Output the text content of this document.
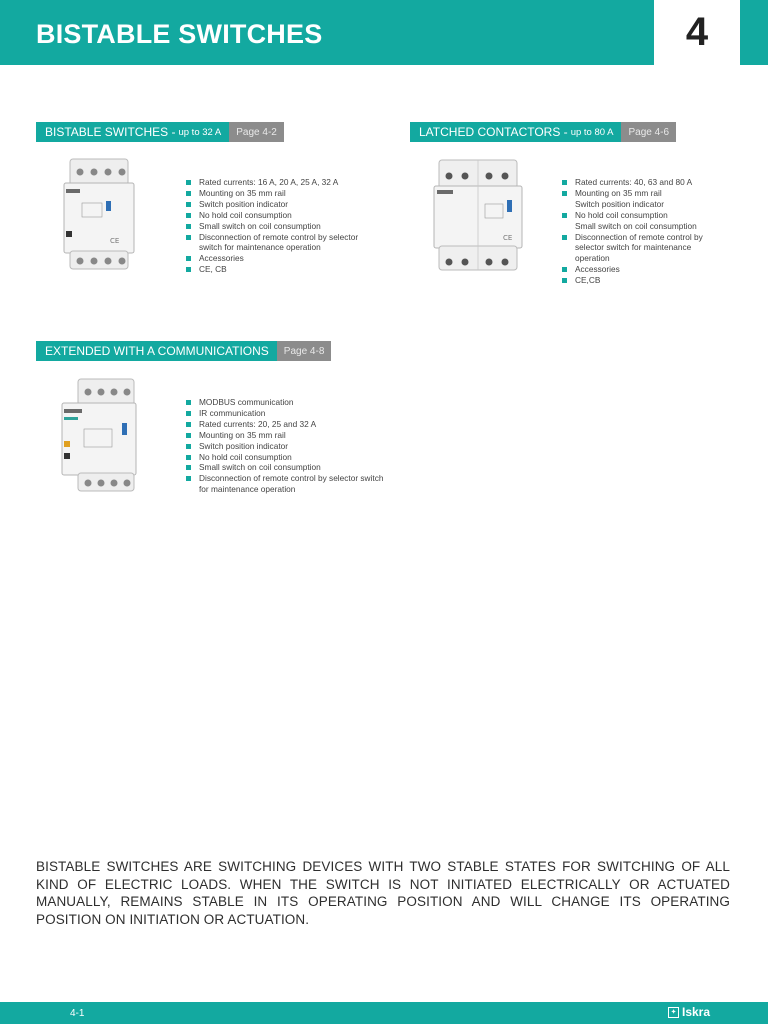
BISTABLE SWITCHES	4
BISTABLE SWITCHES - up to 32 A	Page 4-2
CE
Rated currents: 16 A, 20 A, 25 A, 32 A
Mounting on 35 mm rail
Switch position indicator
No hold coil consumption
Small switch on coil consumption
Disconnection of remote control by selector switch for maintenance operation
Accessories
CE, CB
LATCHED CONTACTORS - up to 80 A	Page 4-6
CE
Rated currents: 40, 63 and 80 A
Mounting on 35 mm rail
Switch position indicator
No hold coil consumption
Small switch on coil consumption
Disconnection of remote control by selector switch for maintenance operation
Accessories
CE,CB
EXTENDED WITH A COMMUNICATIONS	Page 4-8
MODBUS communication
IR communication
Rated currents: 20, 25 and 32 A
Mounting on 35 mm rail
Switch position indicator
No hold coil consumption
Small switch on coil consumption
Disconnection of remote control by selector switch for maintenance operation
BISTABLE SWITCHES ARE SWITCHING DEVICES WITH TWO STABLE STATES FOR SWITCHING OF ALL KIND OF ELECTRIC LOADS. WHEN THE SWITCH IS NOT INITIATED ELECTRICALLY OR ACTUATED MANUALLY, REMAINS STABLE IN ITS OPERATING POSITION AND WILL CHANGE ITS OPERATING POSITION ON INITIATION OR ACTUATION.
4-1	✦ Iskra
